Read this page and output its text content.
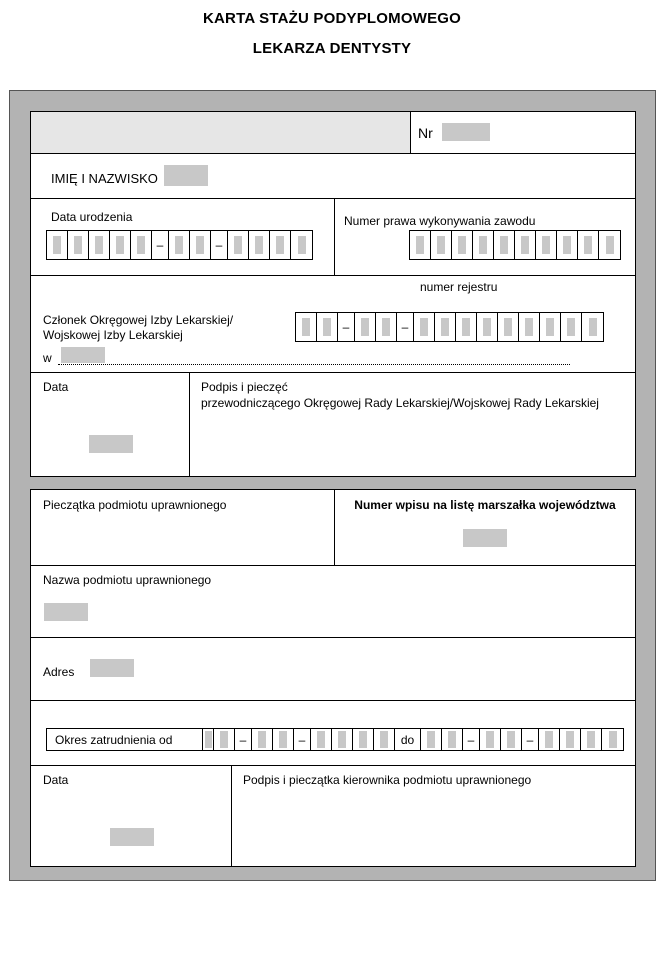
KARTA STAŻU PODYPLOMOWEGO
LEKARZA DENTYSTY
Nr
IMIĘ I NAZWISKO
Data urodzenia	Numer prawa wykonywania zawodu
numer rejestru
Członek Okręgowej Izby Lekarskiej/
Wojskowej Izby Lekarskiej
w
Data	Podpis i pieczęć
przewodniczącego Okręgowej Rady Lekarskiej/Wojskowej Rady Lekarskiej
–	–
–	–
Pieczątka podmiotu uprawnionego	Numer wpisu na listę marszałka województwa
Nazwa podmiotu uprawnionego
Adres
Data	Podpis i pieczątka kierownika podmiotu uprawnionego
Okres zatrudnienia od	–	–	do	–	–
